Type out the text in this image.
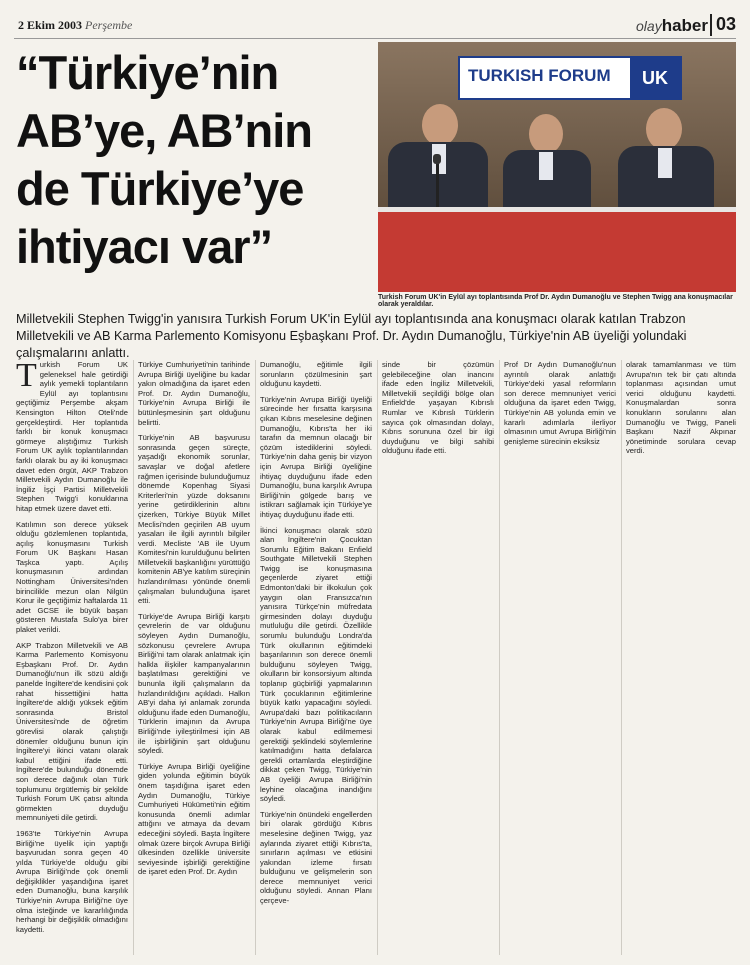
2 Ekim 2003 Perşembe	olayhaber 03
“Türkiye’nin
AB’ye, AB’nin
de Türkiye’ye
ihtiyacı var”
TURKISH FORUM	UK
Turkish Forum UK'in Eylül ayı toplantısında Prof Dr. Aydın Dumanoğlu ve Stephen Twigg ana konuşmacılar olarak yeraldılar.
Milletvekili Stephen Twigg'in yanısıra Turkish Forum UK'in Eylül ayı toplantısında ana konuşmacı olarak katılan Trabzon Milletvekili ve AB Karma Parlemento Komisyonu Eşbaşkanı Prof. Dr. Aydın Dumanoğlu, Türkiye'nin AB üyeliği yolundaki çalışmalarını anlattı.

Turkish Forum UK geleneksel hale getirdiği aylık yemekli toplantıların Eylül ayı toplantısını geçtiğimiz Perşembe akşam Kensington Hilton Oteli'nde gerçekleştirdi. Her toplantıda farklı bir konuk konuşmacı görmeye alıştığımız Turkish Forum UK aylık toplantılarından farklı olarak bu ay iki konuşmacı davet eden örgüt, AKP Trabzon Milletvekili Aydın Dumanoğlu ile İngiliz İşçi Partisi Milletvekili Stephen Twigg'i konuklarına hitap etmek üzere davet etti.

Katılımın son derece yüksek olduğu gözlemlenen toplantıda, açılış konuşmasını Turkish Forum UK Başkanı Hasan Taşkca yaptı. Açılış konuşmasının ardından Nottingham Üniversitesi'nden birincilikle mezun olan Nilgün Korur ile geçtiğimiz haftalarda 11 adet GCSE ile büyük başarı gösteren Mustafa Sulo'ya birer plaket verildi.

AKP Trabzon Milletvekili ve AB Karma Parlemento Komisyonu Eşbaşkanı Prof. Dr. Aydın Dumanoğlu'nun ilk sözü aldığı panelde İngiltere'de kendisini çok rahat hissettiğini hatta İngiltere'de aldığı yüksek eğitim sonrasında Bristol Üniversitesi'nde de öğretim görevlisi olarak çalıştığı dönemler olduğunu bunun için İngiltere'yi ikinci vatanı olarak kabul ettiğini ifade etti. İngiltere'de bulunduğu dönemde son derece dağınık olan Türk toplumunu örgütlemiş bir şekilde Turkish Forum UK çatısı altında görmekten duyduğu memnuniyeti dile getirdi.

1963'te Türkiye'nin Avrupa Birliği'ne üyelik için yaptığı başvurudan sonra geçen 40 yılda Türkiye'de olduğu gibi Avrupa Birliği'nde çok önemli değişiklikler yaşandığına işaret eden Dumanoğlu, buna karşılık Türkiye'nin Avrupa Birliği'ne üye olma isteğinde ve kararlılığında herhangi bir değişiklik olmadığını kaydetti.

Türkiye Cumhuriyeti'nin tarihinde Avrupa Birliği üyeliğine bu kadar yakın olmadığına da işaret eden Prof. Dr. Aydın Dumanoğlu, Türkiye'nin Avrupa Birliği ile bütünleşmesinin şart olduğunu belirtti.

Türkiye'nin AB başvurusu sonrasında geçen süreçte, yaşadığı ekonomik sorunlar, savaşlar ve doğal afetlere rağmen içerisinde bulunduğumuz dönemde Kopenhag Siyasi Kriterleri'nin yüzde doksanını yerine getirdiklerinin altını çizerken, Türkiye Büyük Millet Meclisi'nden geçirilen AB uyum yasaları ile ilgili ayrıntılı bilgiler verdi. Mecliste 'AB ile Uyum Komitesi'nin kurulduğunu belirten Milletvekili başkanlığını yürüttüğü komitenin AB'ye katılım süreçinin hızlandırılması yönünde önemli çalışmaları bulunduğuna işaret etti.

Türkiye'de Avrupa Birliği karşıtı çevrelerin de var olduğunu söyleyen Aydın Dumanoğlu, sözkonusu çevrelere Avrupa Birliği'ni tam olarak anlatmak için halkla ilişkiler kampanyalarının başlatılması gerektiğini ve bununla ilgili çalışmaların da hızlandırıldığını açıkladı. Halkın AB'yi daha iyi anlamak zorunda olduğunu ifade eden Dumanoğlu, Türklerin imajının da Avrupa Birliği'nde iyileştirilmesi için AB ile işbirliğinin şart olduğunu söyledi.

Türkiye Avrupa Birliği üyeliğine giden yolunda eğitimin büyük önem taşıdığına işaret eden Aydın Dumanoğlu, Türkiye Cumhuriyeti Hükümeti'nin eğitim konusunda önemli adımlar attığını ve atmaya da devam edeceğini söyledi. Başta İngiltere olmak üzere birçok Avrupa Birliği ülkesinden özellikle üniversite seviyesinde işbirliği gerektiğine de işaret eden Prof. Dr. Aydın

Dumanoğlu, eğitimle ilgili sorunların çözülmesinin şart olduğunu kaydetti.

Türkiye'nin Avrupa Birliği üyeliği sürecinde her fırsatta karşısına çıkan Kıbrıs meselesine değinen Dumanoğlu, Kıbrıs'ta her iki tarafın da memnun olacağı bir çözüm istediklerini söyledi. Türkiye'nin daha geniş bir vizyon için Avrupa Birliği üyeliğine ihtiyaç duyduğunu ifade eden Dumanoğlu, buna karşılık Avrupa Birliği'nin gölgede barış ve istikrarı sağlamak için Türkiye'ye ihtiyaç duyduğunu ifade etti.

İkinci konuşmacı olarak sözü alan İngiltere'nin Çocuktan Sorumlu Eğitim Bakanı Enfield Southgate Milletvekili Stephen Twigg ise konuşmasına geçenlerde ziyaret ettiği Edmonton'daki bir ilkokulun çok yaygın olan Fransızca'nın yanısıra Türkçe'nin müfredata girmesinden dolayı duyduğu mutluluğu dile getirdi. Özellikle sorumlu bulunduğu Londra'da Türk okullarının eğitimdeki başarılarının son derece önemli bulduğunu söyleyen Twigg, okulların bir konsorsiyum altında toplanıp güçbirliği yapmalarının Türk çocuklarının eğitimlerine büyük katkı yapacağını söyledi. Avrupa'daki bazı politikacıların Türkiye'nin Avrupa Birliği'ne üye olarak kabul edilmemesi gerektiği şeklindeki söylemlerine katılmadığını hatta defalarca gerekli ortamlarda eleştirdiğine dikkat çeken Twigg, Türkiye'nin AB üyeliği Avrupa Birliği'nin leyhine olacağına inandığını söyledi.

Türkiye'nin önündeki engellerden biri olarak gördüğü Kıbrıs meselesine değinen Twigg, yaz aylarında ziyaret ettiği Kıbrıs'ta, sınırların açılması ve etkisini yakından izleme fırsatı bulduğunu ve gelişmelerin son derece memnuniyet verici olduğunu söyledi. Annan Planı çerçeve-

sinde bir çözümün gelebileceğine olan inancını ifade eden İngiliz Milletvekili, Milletvekili seçildiği bölge olan Enfield'de yaşayan Kıbrıslı Rumlar ve Kıbrıslı Türklerin sayıca çok olmasından dolayı, Kıbrıs sorununa özel bir ilgi duyduğunu ve bilgi sahibi olduğunu ifade etti.

Prof Dr Aydın Dumanoğlu'nun ayrıntılı olarak anlattığı Türkiye'deki yasal reformların son derece memnuniyet verici olduğuna da işaret eden Twigg, Türkiye'nin AB yolunda emin ve kararlı adımlarla ilerliyor olmasının umut Avrupa Birliği'nin genişleme sürecinin eksiksiz

olarak tamamlanması ve tüm Avrupa'nın tek bir çatı altında toplanması açısından umut verici olduğunu kaydetti. Konuşmalardan sonra konukların sorularını alan Dumanoğlu ve Twigg, Paneli Başkanı Nazif Akpınar yönetiminde sorulara cevap verdi.
